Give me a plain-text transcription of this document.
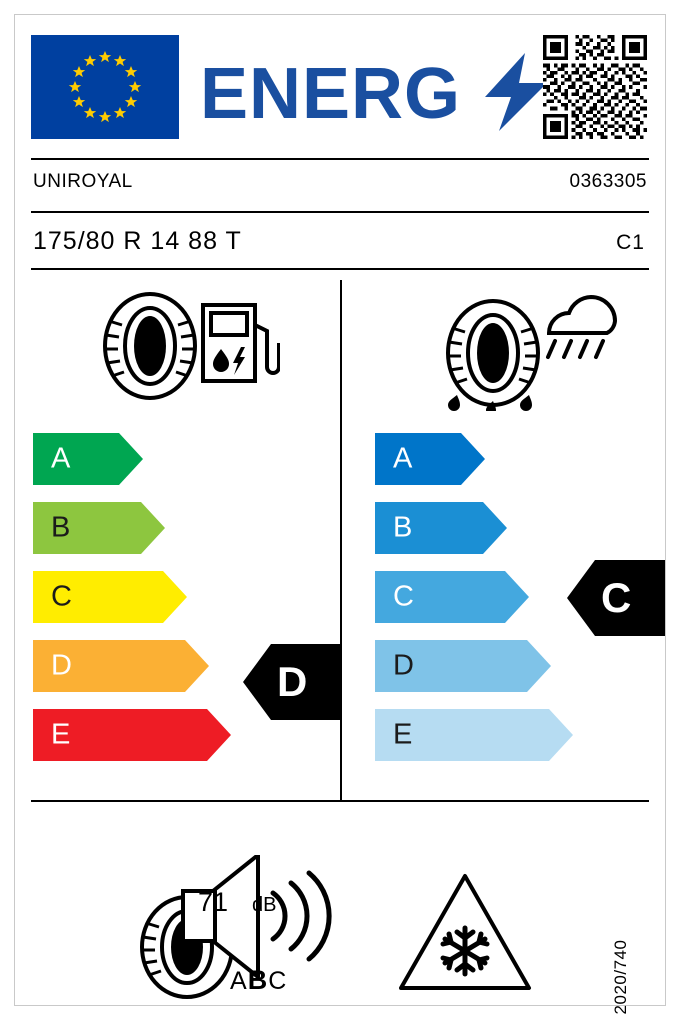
ENERG
UNIROYAL	0363305
175/80 R 14 88 T	C1
A
B
C
D
E
D
A
B
C
D
E
C
71 dB
ABC	2020/740
